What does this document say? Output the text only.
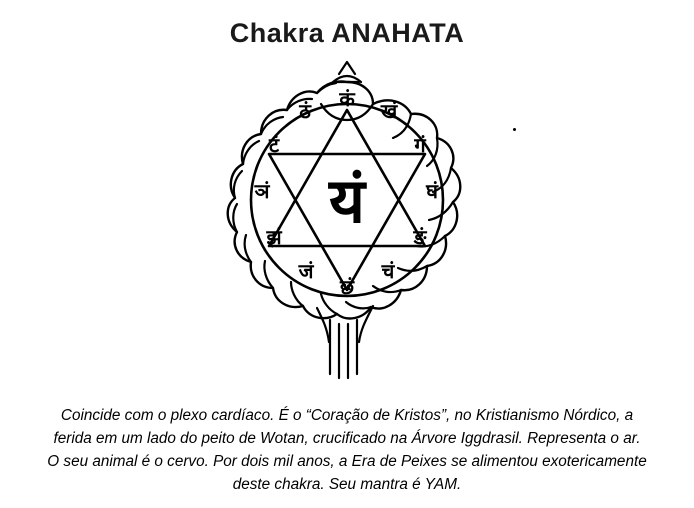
Chakra ANAHATA
कं
खं
गं
घं
ङं
चं
छं
जं
झं
ञं
टं
ठं
यं
Coincide com o plexo cardíaco. É o “Coração de Kristos”, no Kristianismo Nórdico, a
ferida em um lado do peito de Wotan, crucificado na Árvore Iggdrasil. Representa o ar.
O seu animal é o cervo. Por dois mil anos, a Era de Peixes se alimentou exotericamente
deste chakra. Seu mantra é YAM.
